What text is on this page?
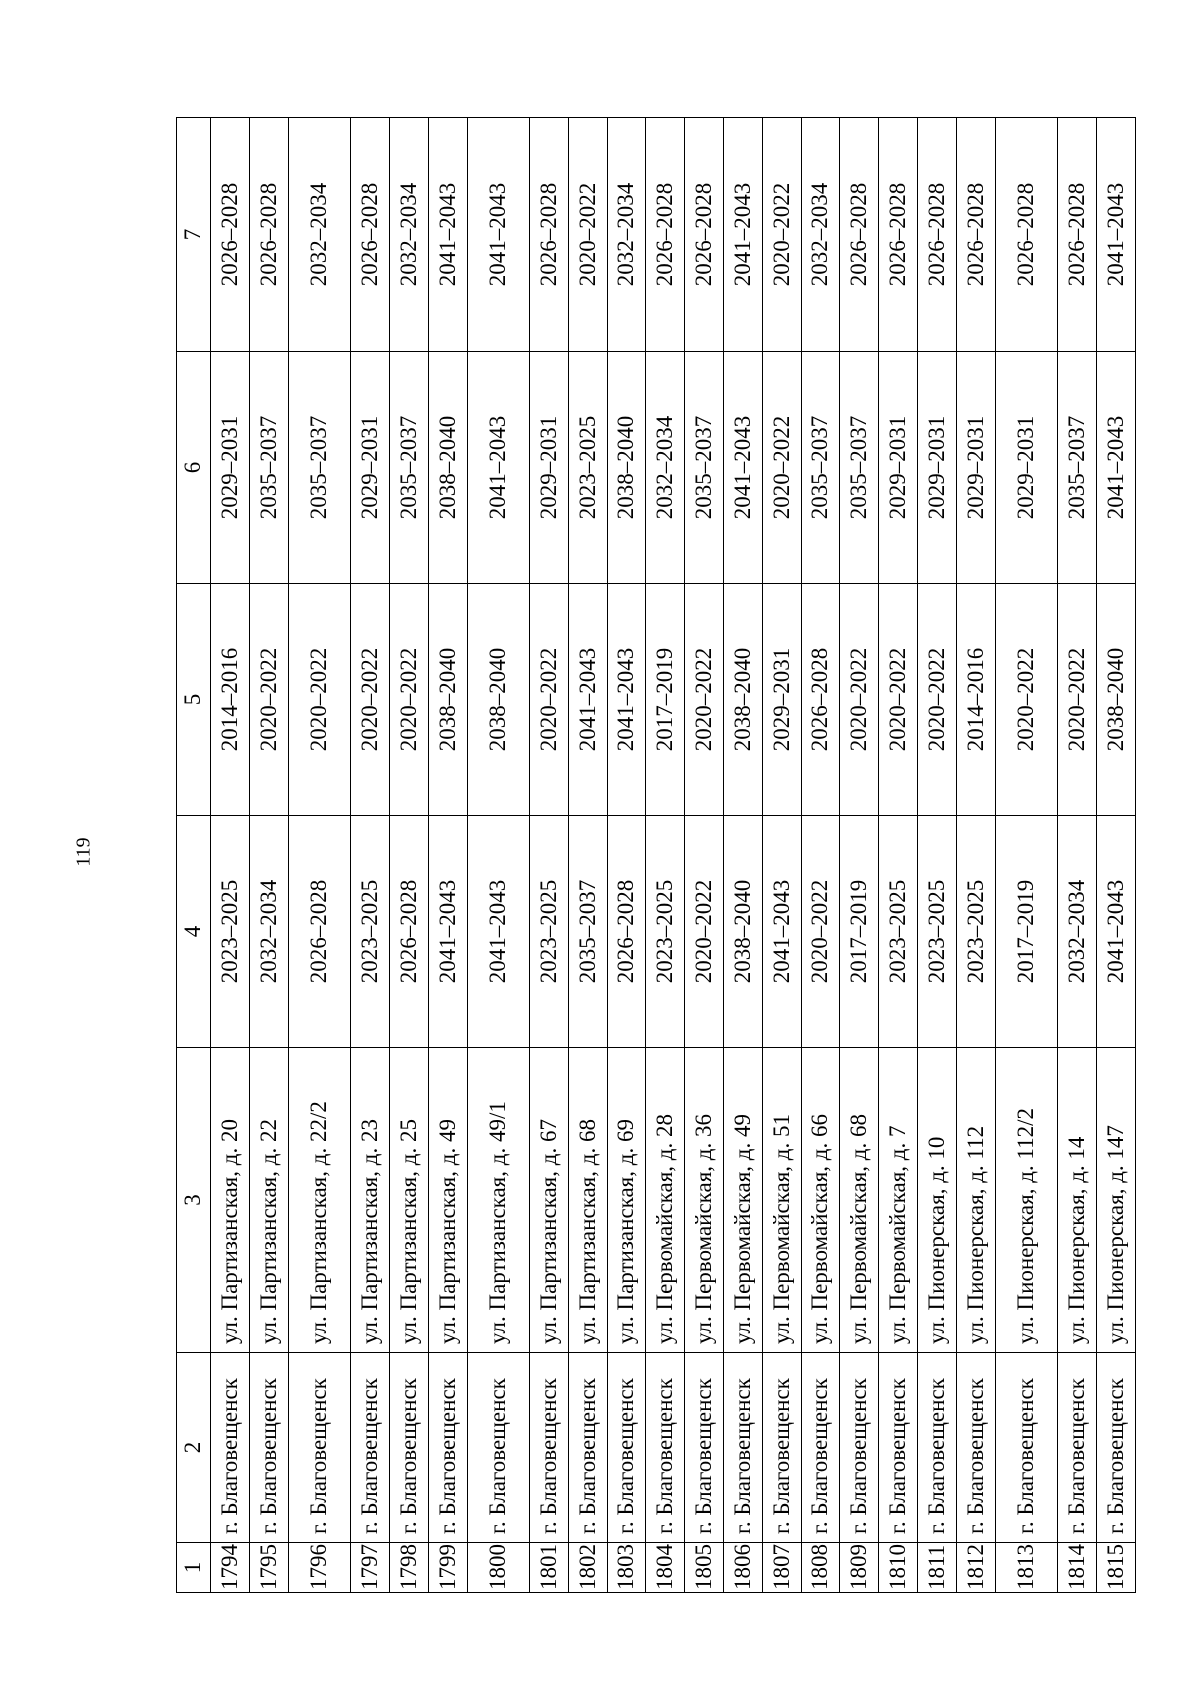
119
1	2	3	4	5	6	7
1794	г. Благовещенск	ул. Партизанская, д. 20	2023–2025	2014–2016	2029–2031	2026–2028
1795	г. Благовещенск	ул. Партизанская, д. 22	2032–2034	2020–2022	2035–2037	2026–2028
1796	г. Благовещенск	ул. Партизанская, д. 22/2	2026–2028	2020–2022	2035–2037	2032–2034
1797	г. Благовещенск	ул. Партизанская, д. 23	2023–2025	2020–2022	2029–2031	2026–2028
1798	г. Благовещенск	ул. Партизанская, д. 25	2026–2028	2020–2022	2035–2037	2032–2034
1799	г. Благовещенск	ул. Партизанская, д. 49	2041–2043	2038–2040	2038–2040	2041–2043
1800	г. Благовещенск	ул. Партизанская, д. 49/1	2041–2043	2038–2040	2041–2043	2041–2043
1801	г. Благовещенск	ул. Партизанская, д. 67	2023–2025	2020–2022	2029–2031	2026–2028
1802	г. Благовещенск	ул. Партизанская, д. 68	2035–2037	2041–2043	2023–2025	2020–2022
1803	г. Благовещенск	ул. Партизанская, д. 69	2026–2028	2041–2043	2038–2040	2032–2034
1804	г. Благовещенск	ул. Первомайская, д. 28	2023–2025	2017–2019	2032–2034	2026–2028
1805	г. Благовещенск	ул. Первомайская, д. 36	2020–2022	2020–2022	2035–2037	2026–2028
1806	г. Благовещенск	ул. Первомайская, д. 49	2038–2040	2038–2040	2041–2043	2041–2043
1807	г. Благовещенск	ул. Первомайская, д. 51	2041–2043	2029–2031	2020–2022	2020–2022
1808	г. Благовещенск	ул. Первомайская, д. 66	2020–2022	2026–2028	2035–2037	2032–2034
1809	г. Благовещенск	ул. Первомайская, д. 68	2017–2019	2020–2022	2035–2037	2026–2028
1810	г. Благовещенск	ул. Первомайская, д. 7	2023–2025	2020–2022	2029–2031	2026–2028
1811	г. Благовещенск	ул. Пионерская, д. 10	2023–2025	2020–2022	2029–2031	2026–2028
1812	г. Благовещенск	ул. Пионерская, д. 112	2023–2025	2014–2016	2029–2031	2026–2028
1813	г. Благовещенск	ул. Пионерская, д. 112/2	2017–2019	2020–2022	2029–2031	2026–2028
1814	г. Благовещенск	ул. Пионерская, д. 14	2032–2034	2020–2022	2035–2037	2026–2028
1815	г. Благовещенск	ул. Пионерская, д. 147	2041–2043	2038–2040	2041–2043	2041–2043
